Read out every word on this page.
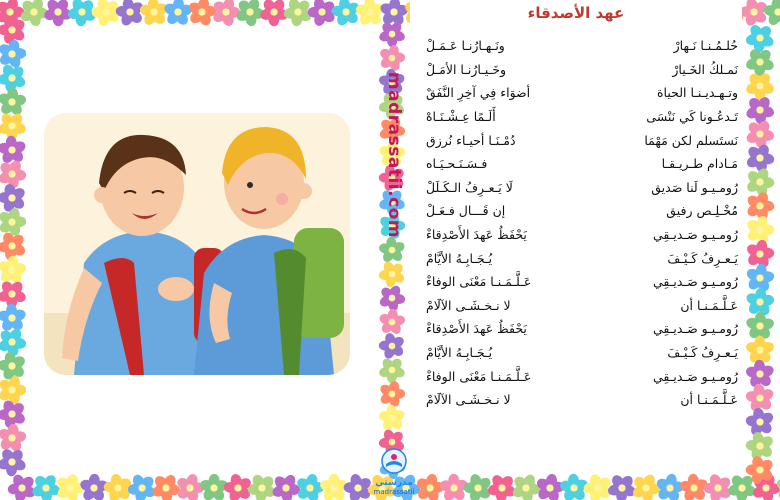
madrassatii.com
عهد الأصدقاء
حُلـمُـنـا نَـهارْ
ونَـهـارُنـا عَـمَـلْ
نَمـلكُ الخَـيارْ
وخَـيـارُنـا الأمَـلْ
وتـهـديـنـا الحياة
أضوَاء فِي آخِرِ النَّفَقْ
تَـدعُـونا كَي نَنْسَى
أَلَـمًا عِـشْـنَـاهْ
نَستَسلم لكن مَهْمَا
دُمْـنَـا أحيـاء نُرزق
مَـادام طـريـقـا
فـسَـنَـحـيَـاه
رُومـيـو لَنا صَديق
لَا يَـعـرِفُ الـكَـلَلْ
مُخْـلِـص رفيق
إن قَـــال فـعَـلْ
رُومـيـو صَـديـقِي
يَحْفَظُ عَهدَ الأَصْدِقاءْ
يَـعـرِفُ كَـيْـفَ
يُـجَـابِـهُ الأيَّامْ
رُومـيـو صَـديـقِي
عَـلَّـمَـنـا مَعْنَى الوفاءْ
عَـلَّـمَـنـا أن
لا نـخـشَـى الآلَامْ
رُومـيـو صَـديـقِي
يَحْفَظُ عَهدَ الأَصْدِقاءْ
يَـعـرِفُ كَـيْـفَ
يُـجَـابِـهُ الأيَّامْ
رُومـيـو صَـديـقِي
عَـلَّـمَـنـا مَعْنَى الوفاءْ
عَـلَّـمَـنـا أن
لا نـخـشَـى الآلَامْ
مدرستي
madrassatii
